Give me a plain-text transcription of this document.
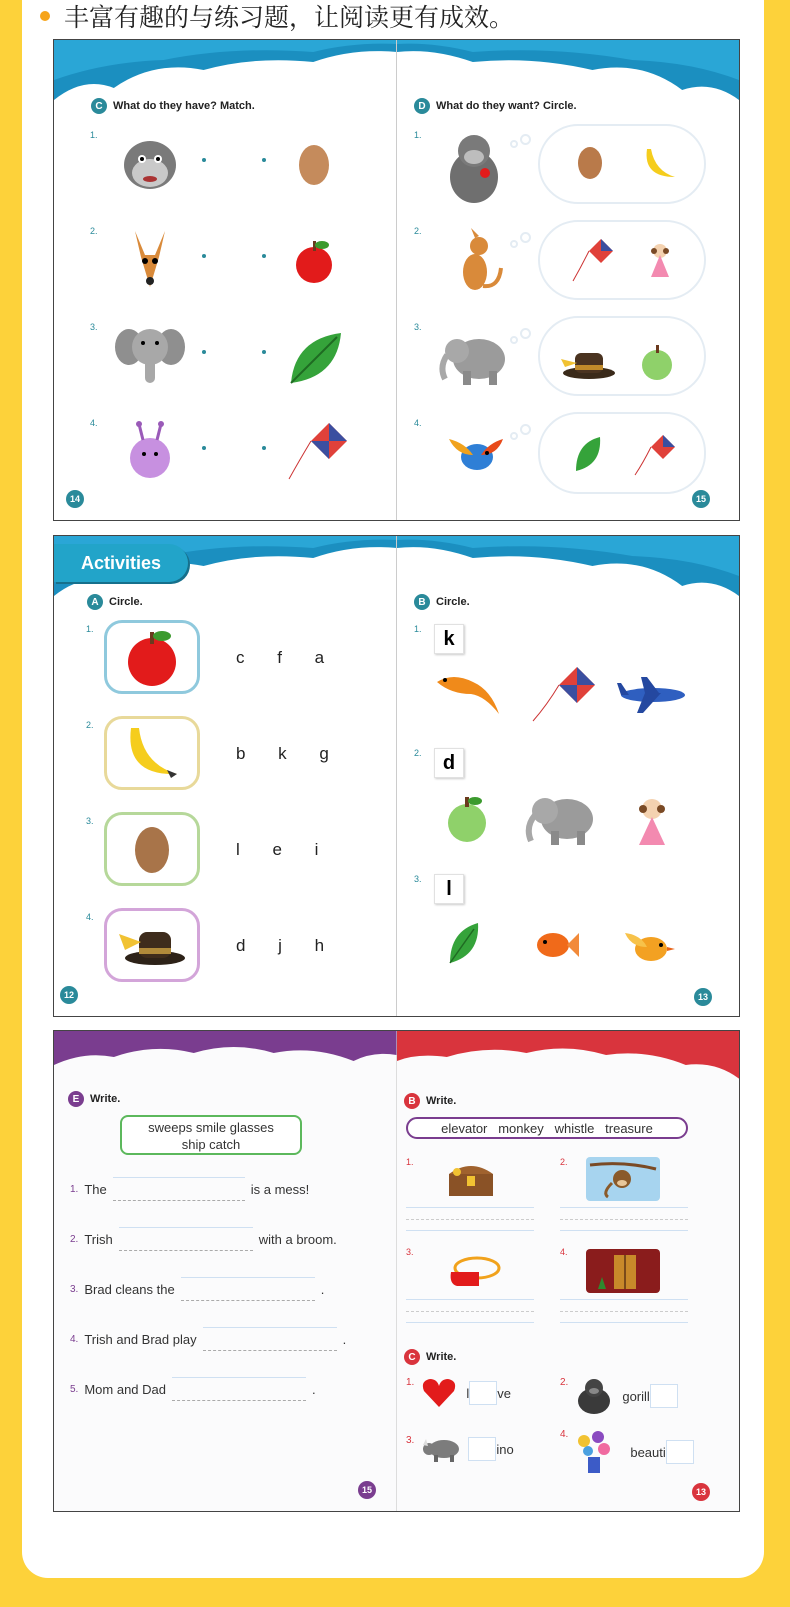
丰富有趣的与练习题，让阅读更有成效。
C What do they have? Match.
1.
2.
3.
4.
14
D What do they want? Circle.
1.
2.
3.
4.
15
Activities
A Circle.
1.
c f a
2.
b k g
3.
l e i
4.
d j h
12
B Circle.
1.	k
2.	d
3.	l
13
E Write.
sweeps smile glasses
ship catch
1. The	is a mess!
2. Trish	with a broom.
3. Brad cleans the	.
4. Trish and Brad play	.
5. Mom and Dad	.
15
B Write.
elevator   monkey   whistle   treasure
1.	2.
3.	4.
C Write.
1.
l ve
2.
gorill
3.
ino
4.
beauti
13
